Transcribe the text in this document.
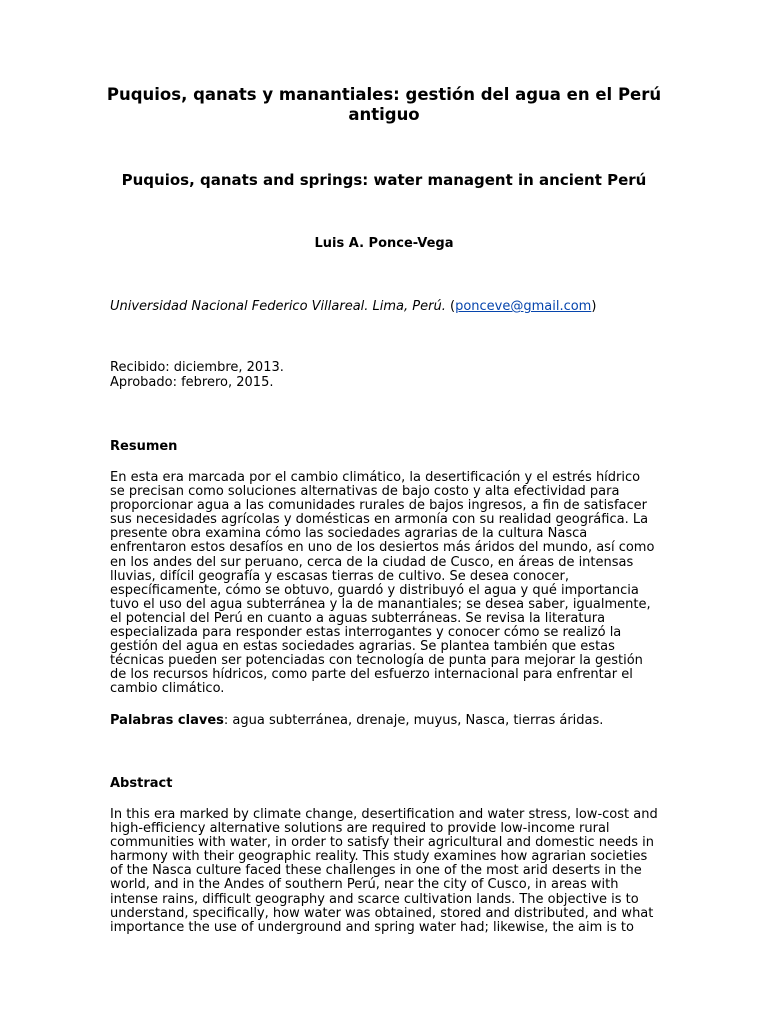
Puquios, qanats y manantiales: gestión del agua en el Perú antiguo
Puquios, qanats and springs: water managent in ancient Perú

Luis A. Ponce-Vega

Universidad Nacional Federico Villareal. Lima, Perú. (ponceve@gmail.com)

Recibido: diciembre, 2013.
Aprobado: febrero, 2015.

Resumen

En esta era marcada por el cambio climático, la desertificación y el estrés hídrico se precisan como soluciones alternativas de bajo costo y alta efectividad para proporcionar agua a las comunidades rurales de bajos ingresos, a fin de satisfacer sus necesidades agrícolas y domésticas en armonía con su realidad geográfica. La presente obra examina cómo las sociedades agrarias de la cultura Nasca enfrentaron estos desafíos en uno de los desiertos más áridos del mundo, así como en los andes del sur peruano, cerca de la ciudad de Cusco, en áreas de intensas lluvias, difícil geografía y escasas tierras de cultivo. Se desea conocer, específicamente, cómo se obtuvo, guardó y distribuyó el agua y qué importancia tuvo el uso del agua subterránea y la de manantiales; se desea saber, igualmente, el potencial del Perú en cuanto a aguas subterráneas. Se revisa la literatura especializada para responder estas interrogantes y conocer cómo se realizó la gestión del agua en estas sociedades agrarias. Se plantea también que estas técnicas pueden ser potenciadas con tecnología de punta para mejorar la gestión de los recursos hídricos, como parte del esfuerzo internacional para enfrentar el cambio climático.

Palabras claves: agua subterránea, drenaje, muyus, Nasca, tierras áridas.

Abstract

In this era marked by climate change, desertification and water stress, low-cost and high-efficiency alternative solutions are required to provide low-income rural communities with water, in order to satisfy their agricultural and domestic needs in harmony with their geographic reality. This study examines how agrarian societies of the Nasca culture faced these challenges in one of the most arid deserts in the world, and in the Andes of southern Perú, near the city of Cusco, in areas with intense rains, difficult geography and scarce cultivation lands. The objective is to understand, specifically, how water was obtained, stored and distributed, and what importance the use of underground and spring water had; likewise, the aim is to
